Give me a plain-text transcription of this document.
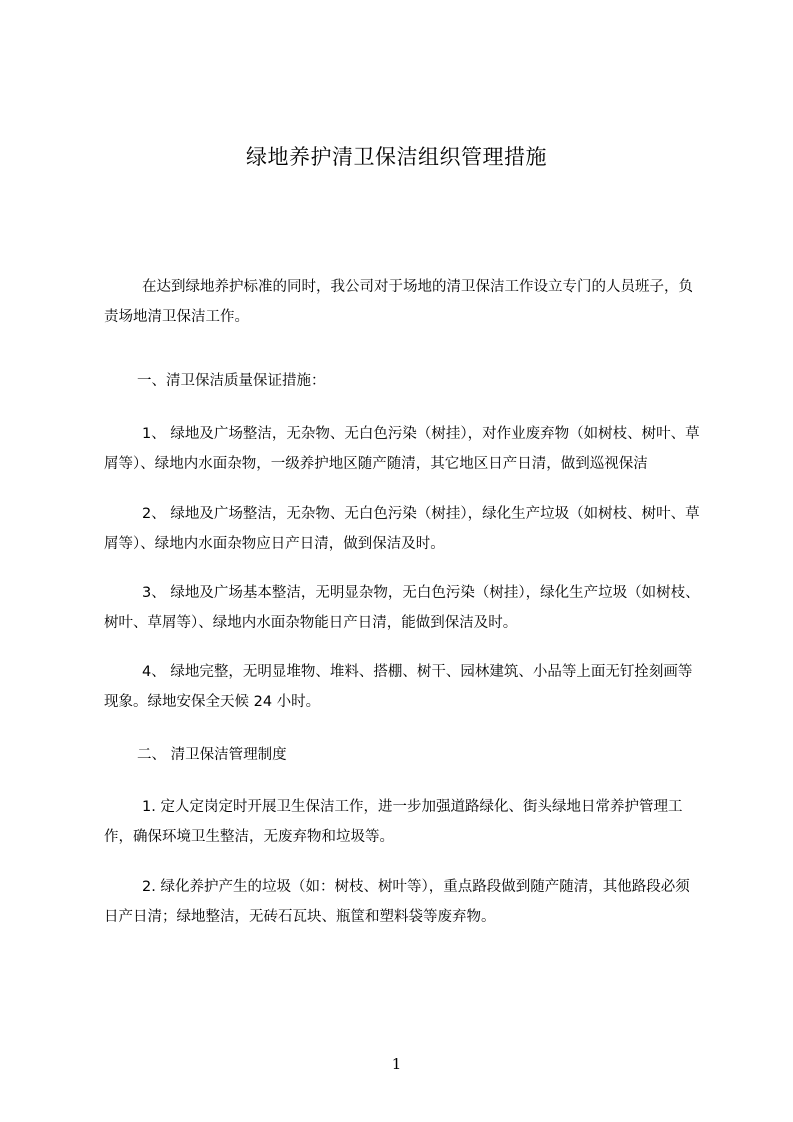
绿地养护清卫保洁组织管理措施

在达到绿地养护标准的同时，我公司对于场地的清卫保洁工作设立专门的人员班子，负责场地清卫保洁工作。

一、清卫保洁质量保证措施：

1、 绿地及广场整洁，无杂物、无白色污染（树挂），对作业废弃物（如树枝、树叶、草屑等）、绿地内水面杂物，一级养护地区随产随清，其它地区日产日清，做到巡视保洁

2、 绿地及广场整洁，无杂物、无白色污染（树挂），绿化生产垃圾（如树枝、树叶、草屑等）、绿地内水面杂物应日产日清，做到保洁及时。

3、 绿地及广场基本整洁，无明显杂物，无白色污染（树挂），绿化生产垃圾（如树枝、树叶、草屑等）、绿地内水面杂物能日产日清，能做到保洁及时。

4、 绿地完整，无明显堆物、堆料、搭棚、树干、园林建筑、小品等上面无钉拴刻画等现象。绿地安保全天候 24 小时。

二、 清卫保洁管理制度

1. 定人定岗定时开展卫生保洁工作，进一步加强道路绿化、街头绿地日常养护管理工作，确保环境卫生整洁，无废弃物和垃圾等。

2. 绿化养护产生的垃圾（如：树枝、树叶等），重点路段做到随产随清，其他路段必须日产日清；绿地整洁，无砖石瓦块、瓶筐和塑料袋等废弃物。

1
